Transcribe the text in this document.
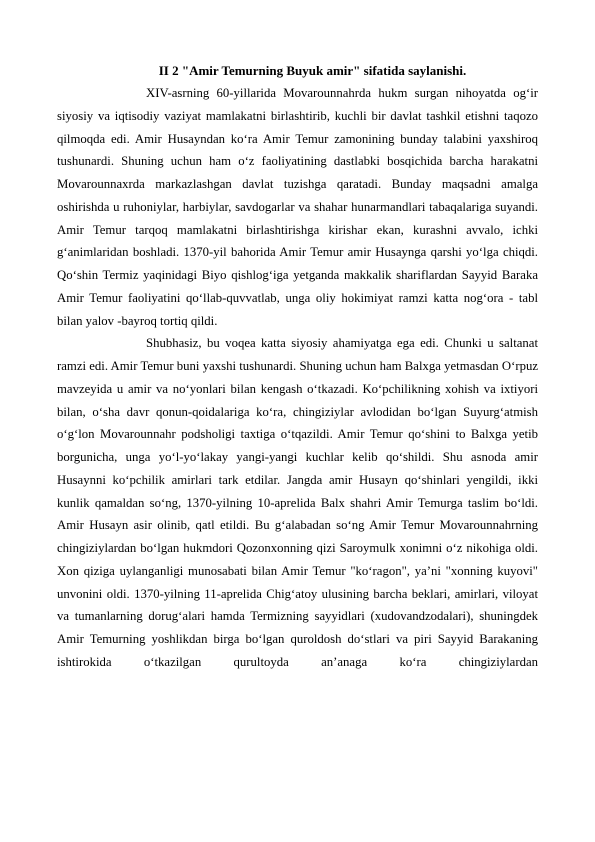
II 2 "Amir Temurning Buyuk amir" sifatida saylanishi.

XIV-asrning 60-yillarida Movarounnahrda hukm surgan nihoyatda ogʻir siyosiy va iqtisodiy vaziyat mamlakatni birlashtirib, kuchli bir davlat tashkil etishni taqozo qilmoqda edi. Amir Husayndan koʻra Amir Temur zamonining bunday talabini yaxshiroq tushunardi. Shuning uchun ham oʻz faoliyatining dastlabki bosqichida barcha harakatni Movarounnaxrda markazlashgan davlat tuzishga qaratadi. Bunday maqsadni amalga oshirishda u ruhoniylar, harbiylar, savdogarlar va shahar hunarmandlari tabaqalariga suyandi. Amir Temur tarqoq mamlakatni birlashtirishga kirishar ekan, kurashni avvalo, ichki gʻanimlaridan boshladi. 1370-yil bahorida Amir Temur amir Husaynga qarshi yoʻlga chiqdi. Qoʻshin Termiz yaqinidagi Biyo qishlogʻiga yetganda makkalik shariflardan Sayyid Baraka Amir Temur faoliyatini qoʻllab-quvvatlab, unga oliy hokimiyat ramzi katta nogʻora - tabl bilan yalov -bayroq tortiq qildi.

Shubhasiz, bu voqea katta siyosiy ahamiyatga ega edi. Chunki u saltanat ramzi edi. Amir Temur buni yaxshi tushunardi. Shuning uchun ham Balxga yetmasdan Oʻrpuz mavzeyida u amir va noʻyonlari bilan kengash oʻtkazadi. Koʻpchilikning xohish va ixtiyori bilan, oʻsha davr qonun-qoidalariga koʻra, chingiziylar avlodidan boʻlgan Suyurgʻatmish oʻgʻlon Movarounnahr podsholigi taxtiga oʻtqazildi. Amir Temur qoʻshini to Balxga yetib borgunicha, unga yoʻl-yoʻlakay yangi-yangi kuchlar kelib qoʻshildi. Shu asnoda amir Husaynni koʻpchilik amirlari tark etdilar. Jangda amir Husayn qoʻshinlari yengildi, ikki kunlik qamaldan soʻng, 1370-yilning 10-aprelida Balx shahri Amir Temurga taslim boʻldi. Amir Husayn asir olinib, qatl etildi. Bu gʻalabadan soʻng Amir Temur Movarounnahrning chingiziylardan boʻlgan hukmdori Qozonxonning qizi Saroymulk xonimni oʻz nikohiga oldi. Xon qiziga uylanganligi munosabati bilan Amir Temur "koʻragon", yaʼni "xonning kuyovi" unvonini oldi. 1370-yilning 11-aprelida Chigʻatoy ulusining barcha beklari, amirlari, viloyat va tumanlarning dorugʻalari hamda Termizning sayyidlari (xudovandzodalari), shuningdek Amir Temurning yoshlikdan birga boʻlgan quroldosh doʻstlari va piri Sayyid Barakaning ishtirokida oʻtkazilgan qurultoyda anʼanaga koʻra chingiziylardan
